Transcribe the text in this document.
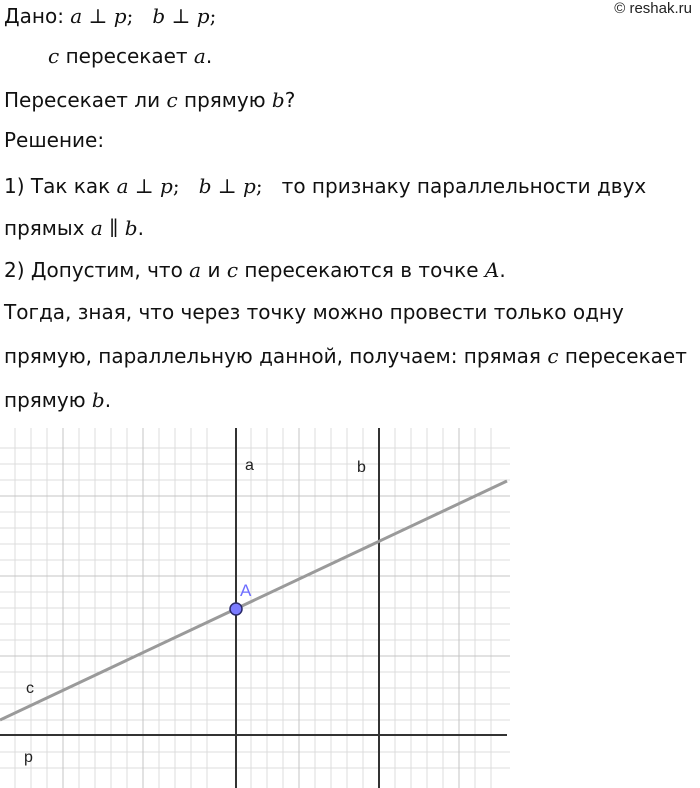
© reshak.ru
Дано: a ⊥ p; b ⊥ p;
c пересекает a.
Пересекает ли c прямую b?
Решение:
1) Так как a ⊥ p; b ⊥ p; то признаку параллельности двух
прямых a ∥ b.
2) Допустим, что a и c пересекаются в точке A.
Тогда, зная, что через точку можно провести только одну
прямую, параллельную данной, получаем: прямая c пересекает
прямую b.
a	b
c
p
A
